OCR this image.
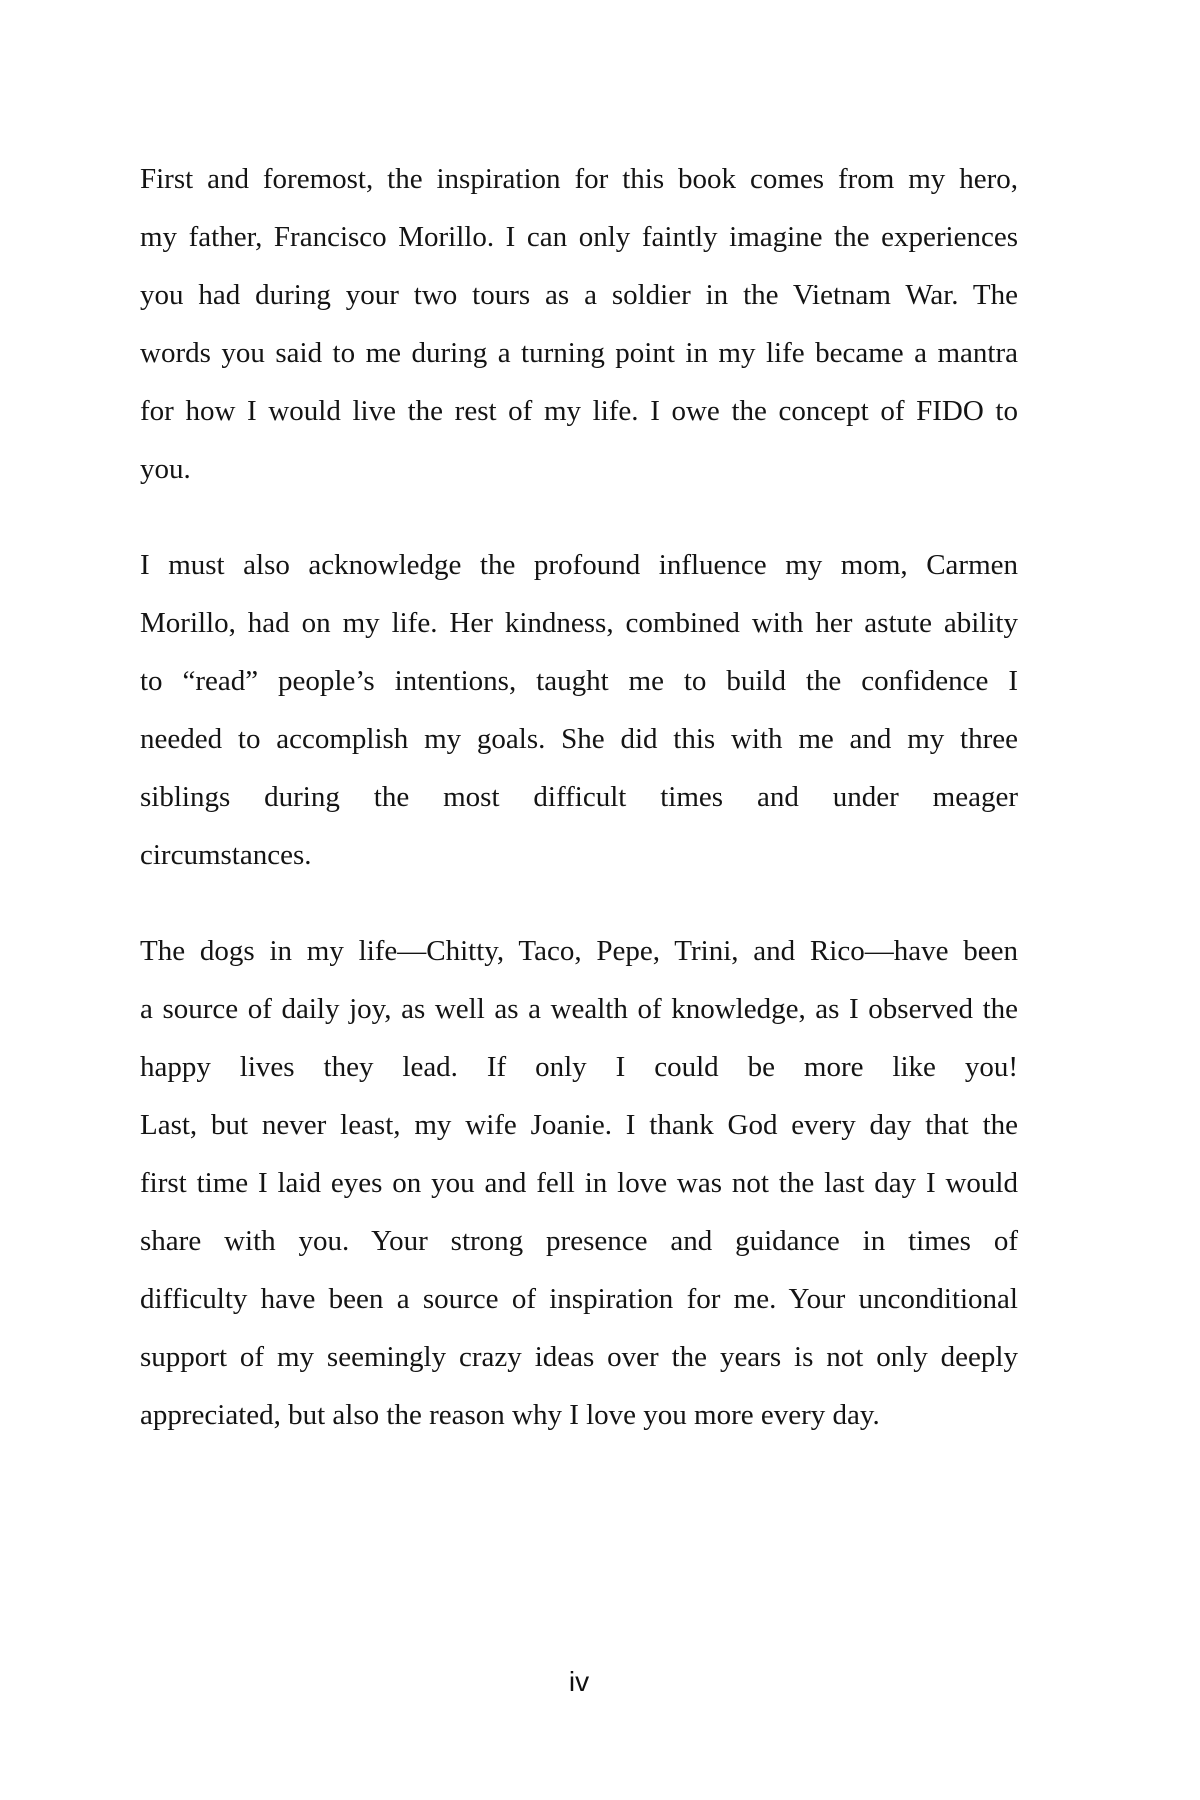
First and foremost, the inspiration for this book comes from my hero,
my father, Francisco Morillo. I can only faintly imagine the experiences
you had during your two tours as a soldier in the Vietnam War. The
words you said to me during a turning point in my life became a mantra
for how I would live the rest of my life. I owe the concept of FIDO to
you.
I must also acknowledge the profound influence my mom, Carmen
Morillo, had on my life. Her kindness, combined with her astute ability
to “read” people’s intentions, taught me to build the confidence I
needed to accomplish my goals. She did this with me and my three
siblings during the most difficult times and under meager
circumstances.
The dogs in my life—Chitty, Taco, Pepe, Trini, and Rico—have been
a source of daily joy, as well as a wealth of knowledge, as I observed the
happy lives they lead. If only I could be more like you!
Last, but never least, my wife Joanie. I thank God every day that the
first time I laid eyes on you and fell in love was not the last day I would
share with you. Your strong presence and guidance in times of
difficulty have been a source of inspiration for me. Your unconditional
support of my seemingly crazy ideas over the years is not only deeply
appreciated, but also the reason why I love you more every day.
iv
